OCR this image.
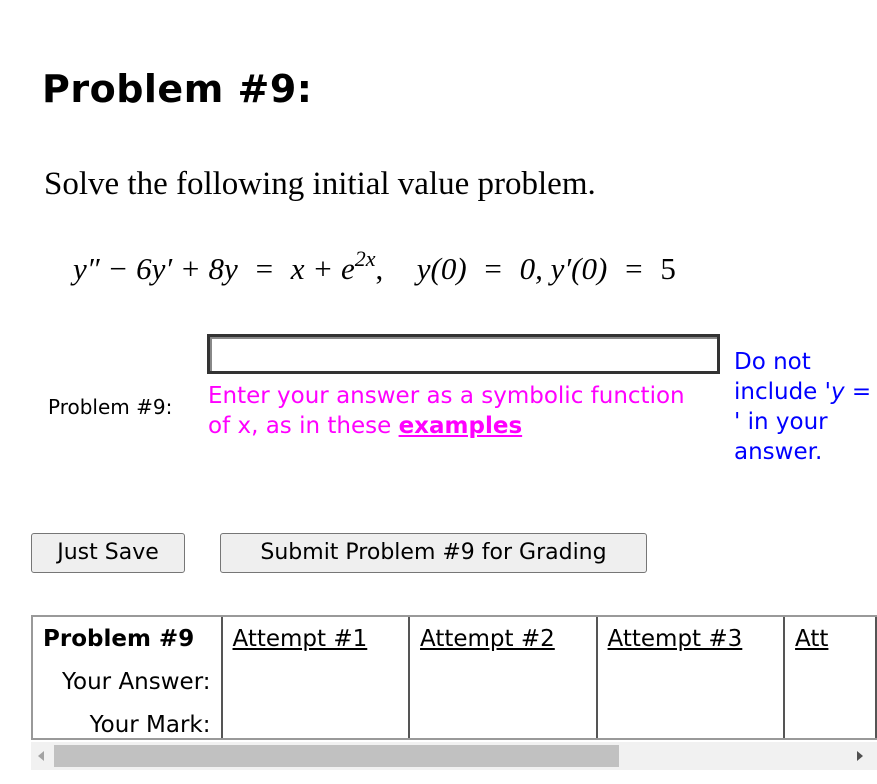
Problem #9:
Solve the following initial value problem.
$y'' - 6y' + 8y = x + e^{2x}$, y(0) = 0, y′(0) = 5
Problem #9: Enter your answer as a symbolic function of x, as in these examples
Do not include 'y = ' in your answer.
Just Save	Submit Problem #9 for Grading
Problem #9	Attempt #1	Attempt #2	Attempt #3	Att
Your Answer:				
Your Mark:				
